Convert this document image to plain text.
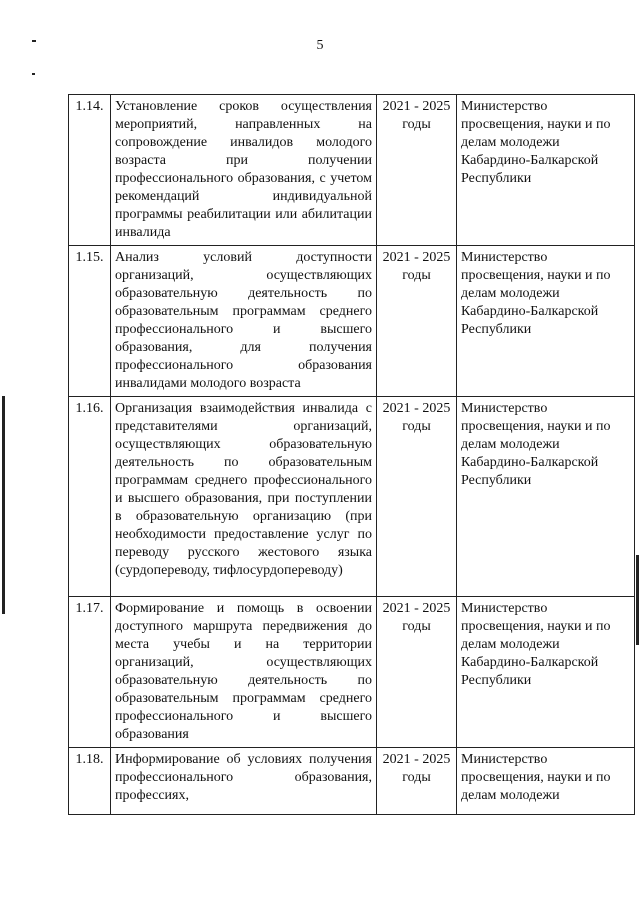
5
1.14.	Установление сроков осуществления мероприятий, направленных на сопровождение инвалидов молодого возраста при получении профессионального образования, с учетом рекомендаций индивидуальной программы реабилитации или абилитации инвалида	2021 - 2025 годы	Министерство просвещения, науки и по делам молодежи Кабардино-Балкарской Республики
1.15.	Анализ условий доступности организаций, осуществляющих образовательную деятельность по образовательным программам среднего профессионального и высшего образования, для получения профессионального образования инвалидами молодого возраста	2021 - 2025 годы	Министерство просвещения, науки и по делам молодежи Кабардино-Балкарской Республики
1.16.	Организация взаимодействия инвалида с представителями организаций, осуществляющих образовательную деятельность по образовательным программам среднего профессионального и высшего образования, при поступлении в образовательную организацию (при необходимости предоставление услуг по переводу русского жестового языка (сурдопереводу, тифлосурдопереводу)	2021 - 2025 годы	Министерство просвещения, науки и по делам молодежи Кабардино-Балкарской Республики
1.17.	Формирование и помощь в освоении доступного маршрута передвижения до места учебы и на территории организаций, осуществляющих образовательную деятельность по образовательным программам среднего профессионального и высшего образования	2021 - 2025 годы	Министерство просвещения, науки и по делам молодежи Кабардино-Балкарской Республики
1.18.	Информирование об условиях получения профессионального образования, профессиях,	2021 - 2025 годы	Министерство просвещения, науки и по делам молодежи
